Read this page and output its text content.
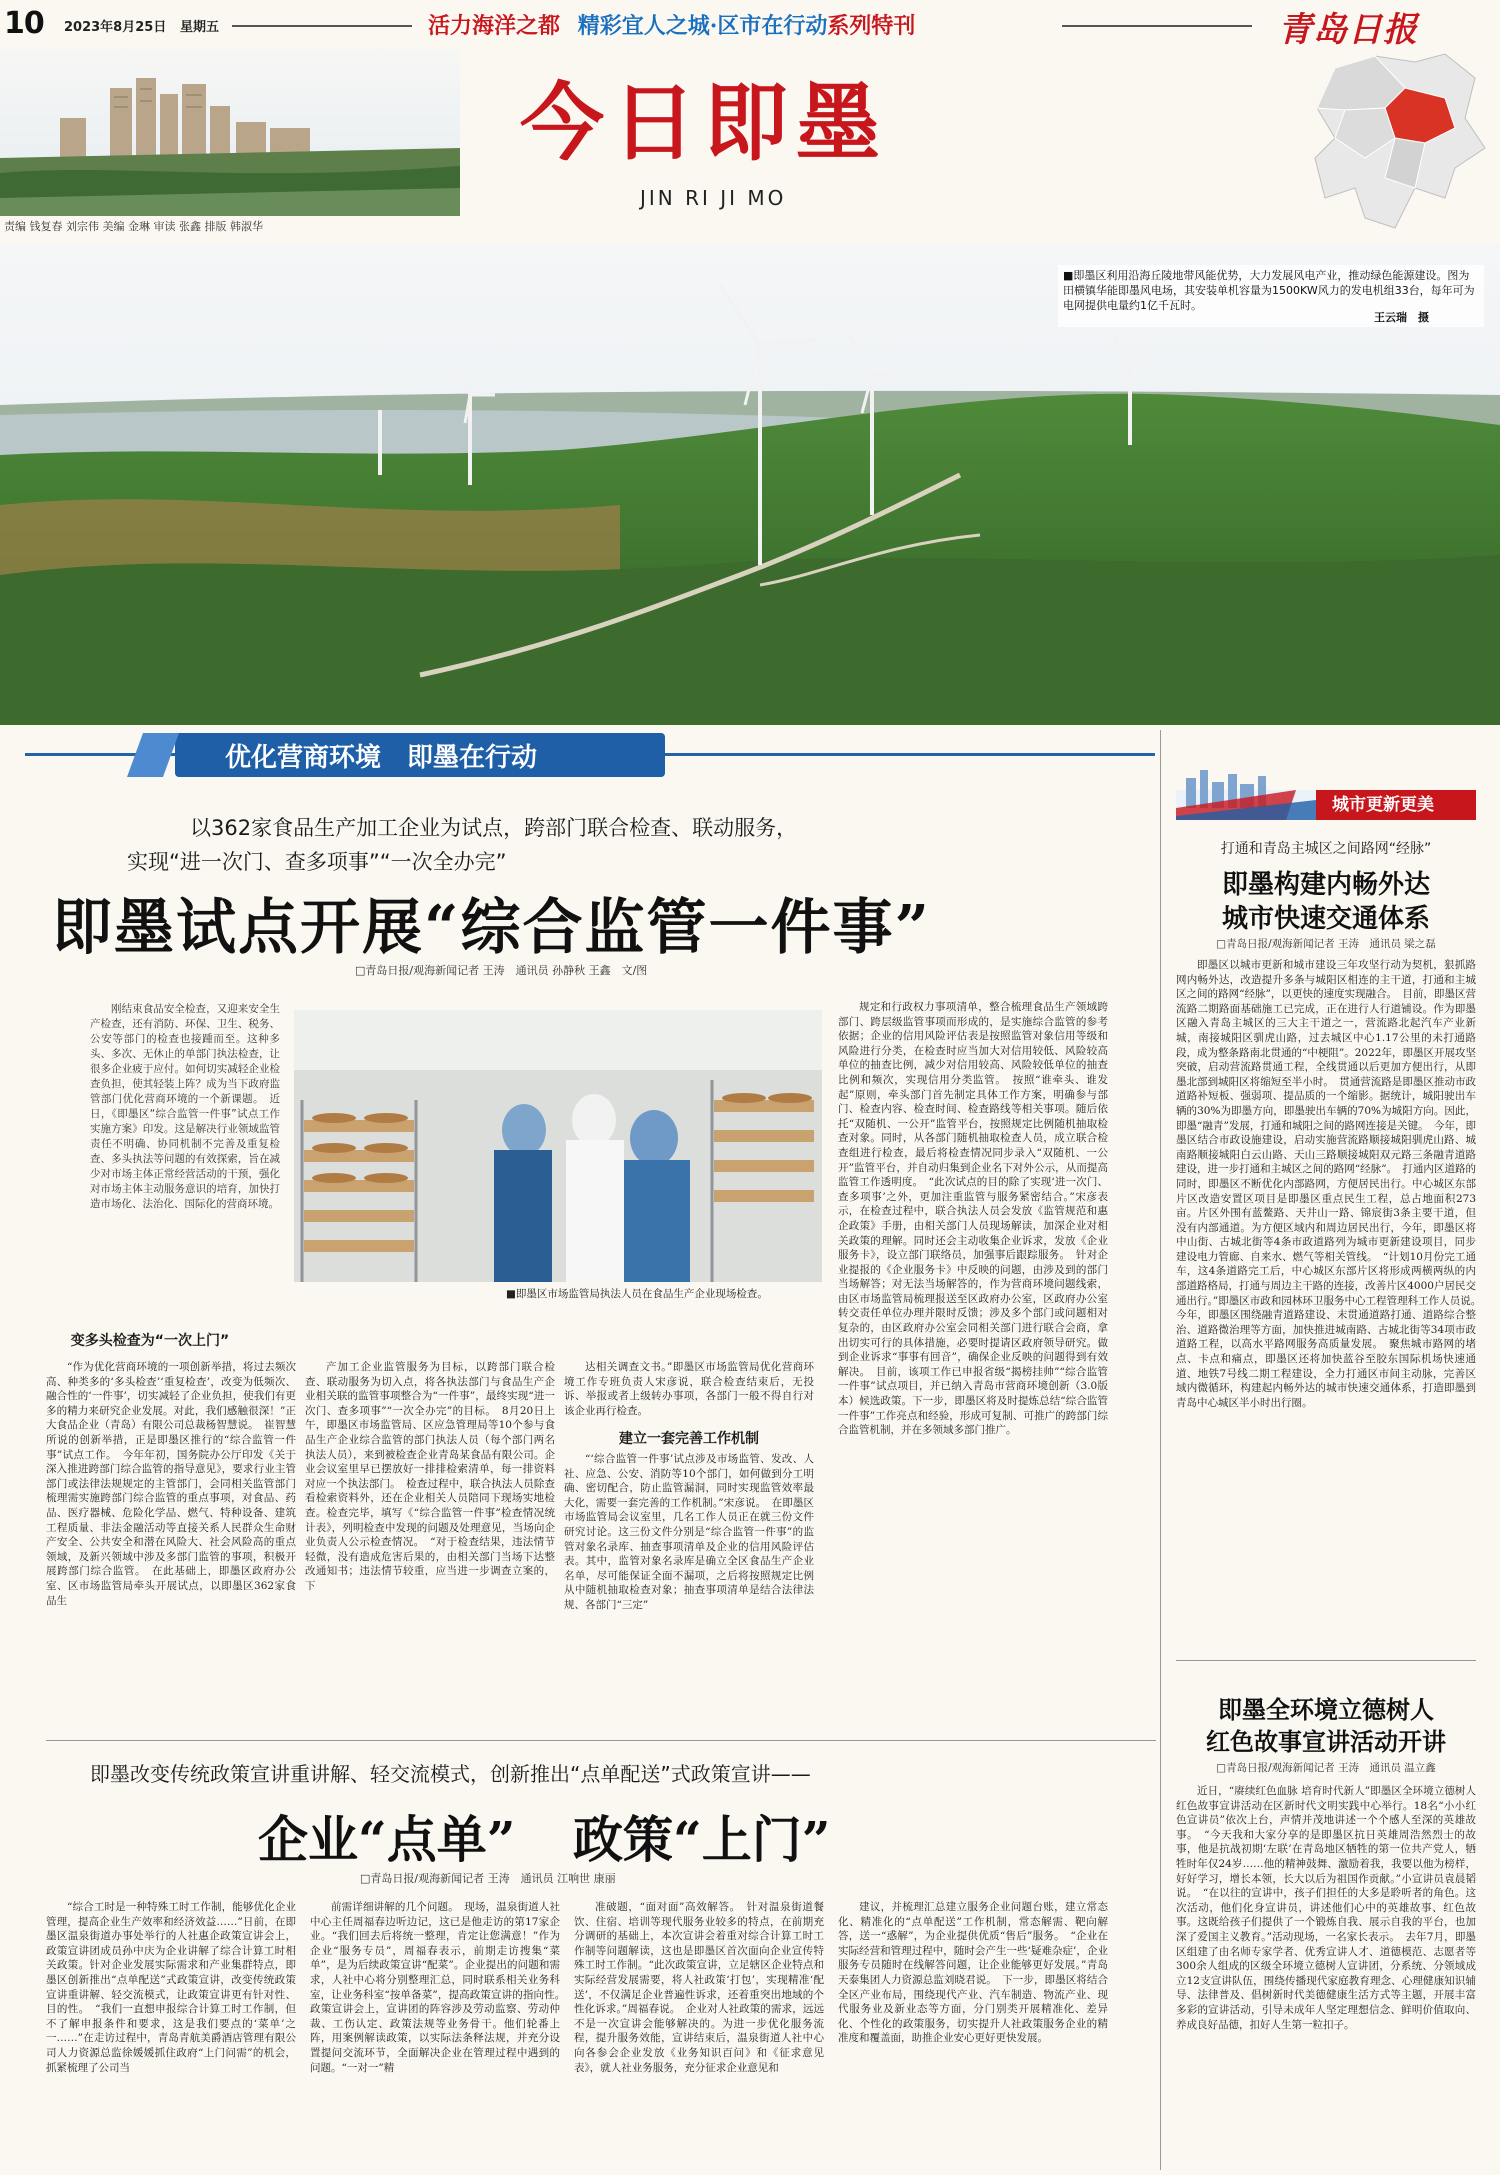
10 2023年8月25日 星期五	活力海洋之都 精彩宜人之城·区市在行动系列特刊	青岛日报
责编 钱复春 刘宗伟 美编 金琳 审读 张鑫 排版 韩淑华
今日即墨
JIN RI JI MO
■即墨区利用沿海丘陵地带风能优势，大力发展风电产业，推动绿色能源建设。图为田横镇华能即墨风电场，其安装单机容量为1500KW风力的发电机组33台，每年可为电网提供电量约1亿千瓦时。
王云瑞　摄
优化营商环境　即墨在行动
以362家食品生产加工企业为试点，跨部门联合检查、联动服务，
实现“进一次门、查多项事”“一次全办完”
即墨试点开展“综合监管一件事”
□青岛日报/观海新闻记者 王涛　通讯员 孙静秋 王鑫　文/图
刚结束食品安全检查，又迎来安全生产检查，还有消防、环保、卫生、税务、公安等部门的检查也接踵而至。这种多头、多次、无休止的单部门执法检查，让很多企业疲于应付。如何切实减轻企业检查负担，使其轻装上阵？成为当下政府监管部门优化营商环境的一个新课题。　近日，《即墨区“综合监管一件事”试点工作实施方案》印发。这是解决行业领域监管责任不明确、协同机制不完善及重复检查、多头执法等问题的有效探索，旨在减少对市场主体正常经营活动的干预，强化对市场主体主动服务意识的培育，加快打造市场化、法治化、国际化的营商环境。
■即墨区市场监管局执法人员在食品生产企业现场检查。
变多头检查为“一次上门”
“作为优化营商环境的一项创新举措，将过去频次高、种类多的‘多头检查’‘重复检查’，改变为低频次、融合性的‘一件事’，切实减轻了企业负担，使我们有更多的精力来研究企业发展。对此，我们感触很深！”正大食品企业（青岛）有限公司总裁杨智慧说。　崔智慧所说的创新举措，正是即墨区推行的“综合监管一件事”试点工作。　今年年初，国务院办公厅印发《关于深入推进跨部门综合监管的指导意见》，要求行业主管部门或法律法规规定的主管部门，会同相关监管部门梳理需实施跨部门综合监管的重点事项，对食品、药品、医疗器械、危险化学品、燃气、特种设备、建筑工程质量、非法金融活动等直接关系人民群众生命财产安全、公共安全和潜在风险大、社会风险高的重点领域，及新兴领域中涉及多部门监管的事项，积极开展跨部门综合监管。　在此基础上，即墨区政府办公室、区市场监管局牵头开展试点，以即墨区362家食品生
产加工企业监管服务为目标，以跨部门联合检查、联动服务为切入点，将各执法部门与食品生产企业相关联的监管事项整合为“一件事”，最终实现“进一次门、查多项事”“一次全办完”的目标。　8月20日上午，即墨区市场监管局、区应急管理局等10个参与食品生产企业综合监管的部门执法人员（每个部门两名执法人员），来到被检查企业青岛某食品有限公司。企业会议室里早已摆放好一排排检索清单，每一排资料对应一个执法部门。　检查过程中，联合执法人员除查看检索资料外，还在企业相关人员陪同下现场实地检查。检查完毕，填写《“综合监管一件事”检查情况统计表》，列明检查中发现的问题及处理意见，当场向企业负责人公示检查情况。　“对于检查结果，违法情节轻微，没有造成危害后果的，由相关部门当场下达整改通知书；违法情节较重，应当进一步调查立案的，下
达相关调查文书。”即墨区市场监管局优化营商环境工作专班负责人宋彦说，联合检查结束后，无投诉、举报或者上级转办事项，各部门一般不得自行对该企业再行检查。
建立一套完善工作机制
“‘综合监管一件事’试点涉及市场监管、发改、人社、应急、公安、消防等10个部门，如何做到分工明确、密切配合，防止监管漏洞，同时实现监管效率最大化，需要一套完善的工作机制。”宋彦说。　在即墨区市场监管局会议室里，几名工作人员正在就三份文件研究讨论。这三份文件分别是“综合监管一件事”的监管对象名录库、抽查事项清单及企业的信用风险评估表。其中，监管对象名录库是确立全区食品生产企业名单，尽可能保证全面不漏项，之后将按照规定比例从中随机抽取检查对象；抽查事项清单是结合法律法规、各部门“三定”
规定和行政权力事项清单，整合梳理食品生产领域跨部门、跨层级监管事项而形成的，是实施综合监管的参考依据；企业的信用风险评估表是按照监管对象信用等级和风险进行分类，在检查时应当加大对信用较低、风险较高单位的抽查比例，减少对信用较高、风险较低单位的抽查比例和频次，实现信用分类监管。　按照“谁牵头、谁发起”原则，牵头部门首先制定具体工作方案，明确参与部门、检查内容、检查时间、检查路线等相关事项。随后依托“双随机、一公开”监管平台，按照规定比例随机抽取检查对象。同时，从各部门随机抽取检查人员，成立联合检查组进行检查，最后将检查情况同步录入“双随机、一公开”监管平台，并自动归集到企业名下对外公示，从而提高监管工作透明度。　“此次试点的目的除了实现‘进一次门、查多项事’之外，更加注重监管与服务紧密结合。”宋彦表示，在检查过程中，联合执法人员会发放《监管规范和惠企政策》手册，由相关部门人员现场解读，加深企业对相关政策的理解。同时还会主动收集企业诉求，发放《企业服务卡》，设立部门联络员，加强事后跟踪服务。　针对企业提报的《企业服务卡》中反映的问题，由涉及到的部门当场解答；对无法当场解答的，作为营商环境问题线索，由区市场监管局梳理报送至区政府办公室，区政府办公室转交责任单位办理并限时反馈；涉及多个部门或问题相对复杂的，由区政府办公室会同相关部门进行联合会商，拿出切实可行的具体措施，必要时提请区政府领导研究。做到企业诉求“事事有回音”，确保企业反映的问题得到有效解决。　目前，该项工作已申报省级“揭榜挂帅”“综合监管一件事”试点项目，并已纳入青岛市营商环境创新（3.0版本）候选政策。下一步，即墨区将及时提炼总结“综合监管一件事”工作亮点和经验，形成可复制、可推广的跨部门综合监管机制，并在多领域多部门推广。
即墨改变传统政策宣讲重讲解、轻交流模式，创新推出“点单配送”式政策宣讲——
企业“点单” 政策“上门”
□青岛日报/观海新闻记者 王涛　通讯员 江响世 康丽
“综合工时是一种特殊工时工作制，能够优化企业管理，提高企业生产效率和经济效益……”日前，在即墨区温泉街道办事处举行的人社惠企政策宣讲会上，政策宣讲团成员孙中庆为企业讲解了综合计算工时相关政策。针对企业发展实际需求和产业集群特点，即墨区创新推出“点单配送”式政策宣讲，改变传统政策宣讲重讲解、轻交流模式，让政策宣讲更有针对性、目的性。　“我们一直想申报综合计算工时工作制，但不了解申报条件和要求，这是我们要点的‘菜单’之一……”在走访过程中，青岛青航美爵酒店管理有限公司人力资源总监徐媛媛抓住政府“上门问需”的机会，抓紧梳理了公司当
前需详细讲解的几个问题。　现场，温泉街道人社中心主任周福春边听边记，这已是他走访的第17家企业。“我们回去后将统一整理，肯定让您满意！”作为企业“服务专员”，周福春表示，前期走访搜集“菜单”，是为后续政策宣讲“配菜”。企业提出的问题和需求，人社中心将分别整理汇总，同时联系相关业务科室，让业务科室“按单备菜”，提高政策宣讲的指向性。　政策宣讲会上，宣讲团的阵容涉及劳动监察、劳动仲裁、工伤认定、政策法规等业务骨干。他们轮番上阵，用案例解读政策，以实际法条释法规，并充分设置提问交流环节，全面解决企业在管理过程中遇到的问题。“一对一”精
准破题，“面对面”高效解答。　针对温泉街道餐饮、住宿、培训等现代服务业较多的特点，在前期充分调研的基础上，本次宣讲会着重对综合计算工时工作制等问题解读，这也是即墨区首次面向企业宣传特殊工时工作制。“此次政策宣讲，立足辖区企业特点和实际经营发展需要，将人社政策‘打包’，实现精准‘配送’，不仅满足企业普遍性诉求，还着重突出地域的个性化诉求。”周福春说。　企业对人社政策的需求，远远不是一次宣讲会能够解决的。为进一步优化服务流程，提升服务效能，宣讲结束后，温泉街道人社中心向各参会企业发放《业务知识百问》和《征求意见表》，就人社业务服务，充分征求企业意见和
建议，并梳理汇总建立服务企业问题台账，建立常态化、精准化的“点单配送”工作机制，常态解需、靶向解答，送一“惑解”，为企业提供优质“售后”服务。　“企业在实际经营和管理过程中，随时会产生一些‘疑难杂症’，企业服务专员随时在线解答问题，让企业能够更好发展。”青岛天泰集团人力资源总监刘晓君说。　下一步，即墨区将结合全区产业布局，围绕现代产业、汽车制造、物流产业、现代服务业及新业态等方面，分门别类开展精准化、差异化、个性化的政策服务，切实提升人社政策服务企业的精准度和覆盖面，助推企业安心更好更快发展。
城市更新更美
打通和青岛主城区之间路网“经脉”
即墨构建内畅外达
城市快速交通体系
□青岛日报/观海新闻记者 王涛　通讯员 梁之磊
即墨区以城市更新和城市建设三年攻坚行动为契机，狠抓路网内畅外达，改造提升多条与城阳区相连的主干道，打通和主城区之间的路网“经脉”，以更快的速度实现融合。　目前，即墨区营流路二期路面基础施工已完成，正在进行人行道铺设。作为即墨区融入青岛主城区的三大主干道之一，营流路北起汽车产业新城，南接城阳区驯虎山路，过去城区中心1.17公里的未打通路段，成为整条路南北贯通的“中梗阻”。2022年，即墨区开展攻坚突破，启动营流路贯通工程，全线贯通以后更加方便出行，从即墨北部到城阳区将缩短至半小时。　贯通营流路是即墨区推动市政道路补短板、强弱项、提品质的一个缩影。据统计，城阳驶出车辆的30%为即墨方向，即墨驶出车辆的70%为城阳方向。因此，即墨“融青”发展，打通和城阳之间的路网连接是关键。　今年，即墨区结合市政设施建设，启动实施营流路顺接城阳驯虎山路、城南路顺接城阳白云山路、天山三路顺接城阳双元路三条融青道路建设，进一步打通和主城区之间的路网“经脉”。　打通内区道路的同时，即墨区不断优化内部路网，方便居民出行。中心城区东部片区改造安置区项目是即墨区重点民生工程，总占地面积273亩。片区外围有蓝鳌路、天井山一路、锦宸街3条主要干道，但没有内部通道。为方便区域内和周边居民出行，今年，即墨区将中山街、古城北街等4条市政道路列为城市更新建设项目，同步建设电力管廊、自来水、燃气等相关管线。　“计划10月份完工通车，这4条道路完工后，中心城区东部片区将形成两横两纵的内部道路格局，打通与周边主干路的连接，改善片区4000户居民交通出行。”即墨区市政和园林环卫服务中心工程管理科工作人员说。　今年，即墨区围绕融青道路建设、末贯通道路打通、道路综合整治、道路微治理等方面，加快推进城南路、古城北街等34项市政道路工程，以高水平路网服务高质量发展。　聚焦城市路网的堵点、卡点和痛点，即墨区还将加快蓝谷至胶东国际机场快速通道、地铁7号线二期工程建设，全力打通区市间主动脉，完善区域内微循环，构建起内畅外达的城市快速交通体系，打造即墨到青岛中心城区半小时出行圈。
即墨全环境立德树人
红色故事宣讲活动开讲
□青岛日报/观海新闻记者 王涛　通讯员 温立鑫
近日，“赓续红色血脉 培育时代新人”即墨区全环境立德树人红色故事宣讲活动在区新时代文明实践中心举行。18名“小小红色宣讲员”依次上台，声情并茂地讲述一个个感人至深的英雄故事。　“今天我和大家分享的是即墨区抗日英雄周浩然烈士的故事，他是抗战初期‘左联’在青岛地区牺牲的第一位共产党人，牺牲时年仅24岁……他的精神鼓舞、激励着我，我要以他为榜样，好好学习，增长本领，长大以后为祖国作贡献。”小宣讲员袁晨韬说。　“在以往的宣讲中，孩子们担任的大多是聆听者的角色。这次活动，他们化身宣讲员，讲述他们心中的英雄故事、红色故事。这既给孩子们提供了一个锻炼自我、展示自我的平台，也加深了爱国主义教育。”活动现场，一名家长表示。　去年7月，即墨区组建了由名师专家学者、优秀宣讲人才、道德模范、志愿者等300余人组成的区级全环境立德树人宣讲团，分系统、分领域成立12支宣讲队伍，围绕传播现代家庭教育理念、心理健康知识辅导、法律普及、倡树新时代美德健康生活方式等主题，开展丰富多彩的宣讲活动，引导未成年人坚定理想信念、鲜明价值取向、养成良好品德，扣好人生第一粒扣子。
